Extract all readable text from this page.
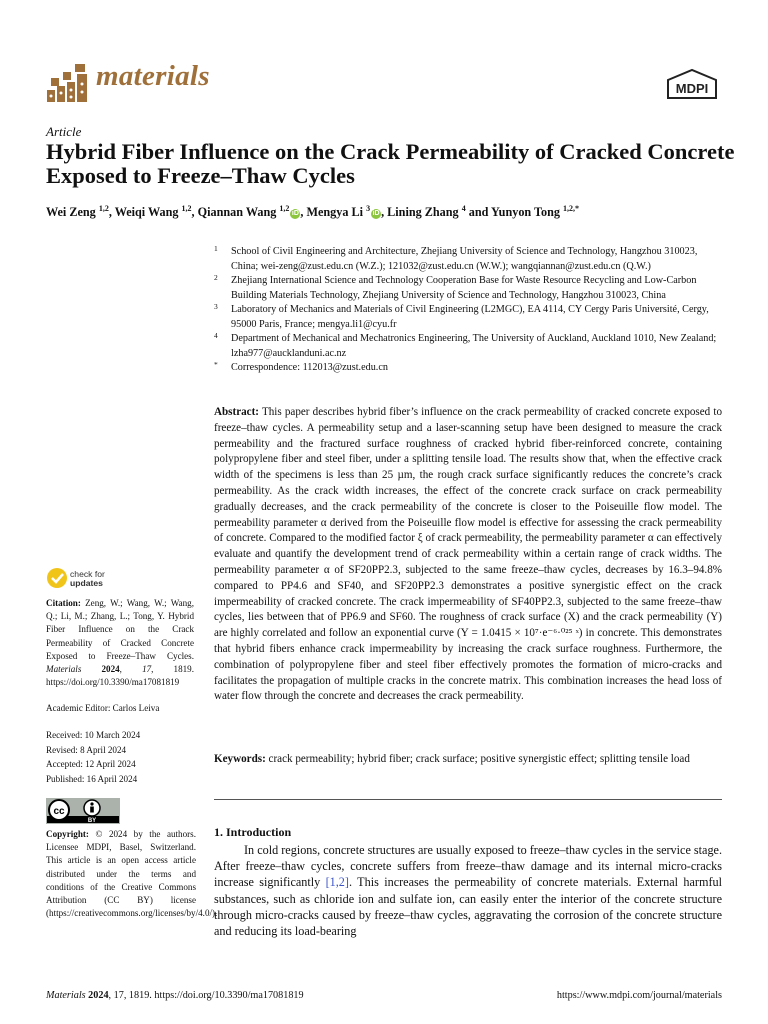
materials	MDPI
Article
Hybrid Fiber Influence on the Crack Permeability of Cracked Concrete Exposed to Freeze–Thaw Cycles
Wei Zeng $^{1,2}$, Weiqi Wang $^{1,2}$, Qiannan Wang $^{1,2}$iD , Mengya Li $^3$iD , Lining Zhang $^4$ and Yunyon Tong $^{1,2,*}$
1 School of Civil Engineering and Architecture, Zhejiang University of Science and Technology, Hangzhou 310023, China; wei-zeng@zust.edu.cn (W.Z.); 121032@zust.edu.cn (W.W.); wangqiannan@zust.edu.cn (Q.W.)
2 Zhejiang International Science and Technology Cooperation Base for Waste Resource Recycling and Low-Carbon Building Materials Technology, Zhejiang University of Science and Technology, Hangzhou 310023, China
3 Laboratory of Mechanics and Materials of Civil Engineering (L2MGC), EA 4114, CY Cergy Paris Université, Cergy, 95000 Paris, France; mengya.li1@cyu.fr
4 Department of Mechanical and Mechatronics Engineering, The University of Auckland, Auckland 1010, New Zealand; lzha977@aucklanduni.ac.nz
* Correspondence: 112013@zust.edu.cn
Abstract: This paper describes hybrid fiber’s influence on the crack permeability of cracked concrete exposed to freeze–thaw cycles. A permeability setup and a laser-scanning setup have been designed to measure the crack permeability and the fractured surface roughness of cracked hybrid fiber-reinforced concrete, containing polypropylene fiber and steel fiber, under a splitting tensile load. The results show that, when the effective crack width of the specimens is less than 25 µm, the rough crack surface significantly reduces the concrete’s crack permeability. As the crack width increases, the effect of the concrete crack surface on crack permeability gradually decreases, and the crack permeability of the concrete is closer to the Poiseuille flow model. The permeability parameter α derived from the Poiseuille flow model is effective for assessing the crack permeability of concrete. Compared to the modified factor ξ of crack permeability, the permeability parameter α can effectively evaluate and quantify the development trend of crack permeability within a certain range of crack widths. The permeability parameter α of SF20PP2.3, subjected to the same freeze–thaw cycles, decreases by 16.3–94.8% compared to PP4.6 and SF40, and SF20PP2.3 demonstrates a positive synergistic effect on the crack impermeability of cracked concrete. The crack impermeability of SF40PP2.3, subjected to the same freeze–thaw cycles, lies between that of PP6.9 and SF60. The roughness of crack surface (X) and the crack permeability (Y) are highly correlated and follow an exponential curve (Y = 1.0415 × 10⁷·e⁻⁶·⁰²⁵ ˣ) in concrete. This demonstrates that hybrid fibers enhance crack impermeability by increasing the crack surface roughness. Furthermore, the combination of polypropylene fiber and steel fiber effectively promotes the formation of micro-cracks and facilitates the propagation of multiple cracks in the concrete matrix. This combination increases the head loss of water flow through the concrete and decreases the crack permeability.
Keywords: crack permeability; hybrid fiber; crack surface; positive synergistic effect; splitting tensile load
1. Introduction
In cold regions, concrete structures are usually exposed to freeze–thaw cycles in the service stage. After freeze–thaw cycles, concrete suffers from freeze–thaw damage and its internal micro-cracks increase significantly [1,2]. This increases the permeability of concrete materials. External harmful substances, such as chloride ion and sulfate ion, can easily enter the interior of the concrete structure through micro-cracks caused by freeze–thaw cycles, aggravating the corrosion of the concrete structure and reducing its load-bearing
check for
updates
Citation: Zeng, W.; Wang, W.; Wang, Q.; Li, M.; Zhang, L.; Tong, Y. Hybrid Fiber Influence on the Crack Permeability of Cracked Concrete Exposed to Freeze–Thaw Cycles. Materials 2024, 17, 1819. https://doi.org/10.3390/ma17081819
Academic Editor: Carlos Leiva
Received: 10 March 2024
Revised: 8 April 2024
Accepted: 12 April 2024
Published: 16 April 2024
cc
BY
Copyright: © 2024 by the authors. Licensee MDPI, Basel, Switzerland. This article is an open access article distributed under the terms and conditions of the Creative Commons Attribution (CC BY) license (https://creativecommons.org/licenses/by/4.0/).
Materials 2024, 17, 1819. https://doi.org/10.3390/ma17081819	https://www.mdpi.com/journal/materials
